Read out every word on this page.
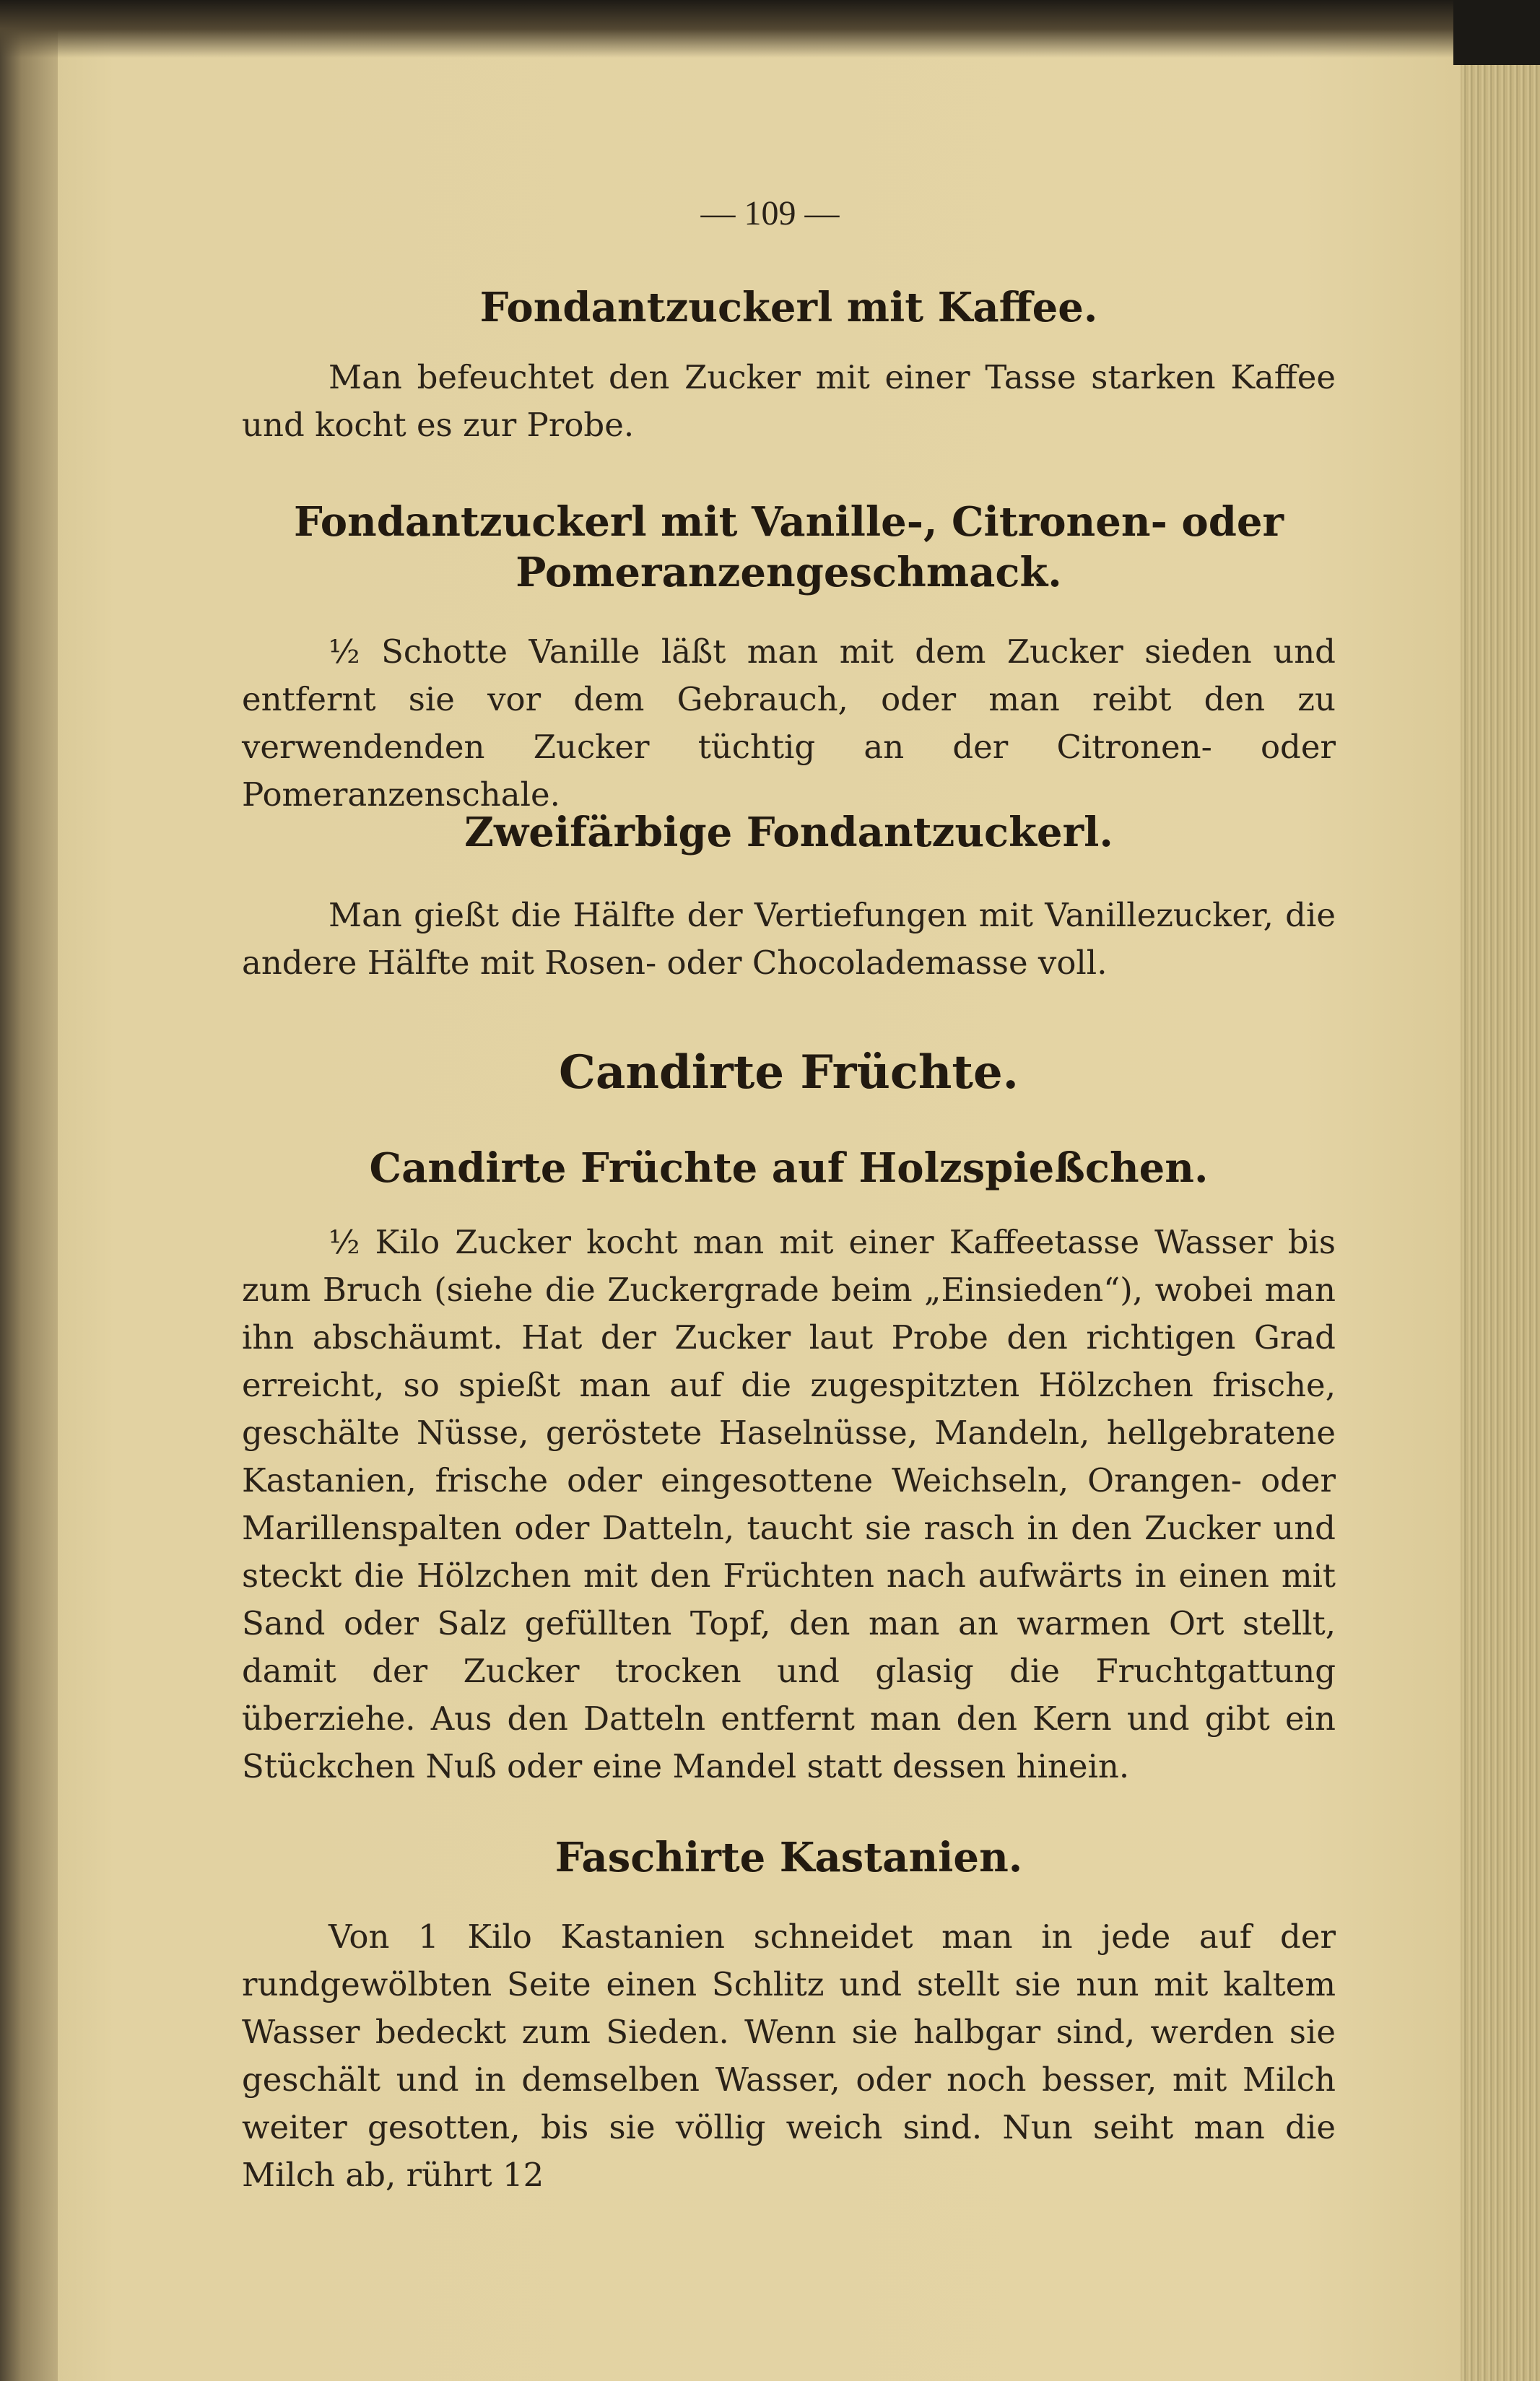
— 109 —
Fondantzuckerl mit Kaffee.

Man befeuchtet den Zucker mit einer Tasse starken Kaffee und kocht es zur Probe.

Fondantzuckerl mit Vanille-, Citronen- oder
Pomeranzengeschmack.

½ Schotte Vanille läßt man mit dem Zucker sieden und entfernt sie vor dem Gebrauch, oder man reibt den zu verwendenden Zucker tüchtig an der Citronen- oder Pomeranzenschale.

Zweifärbige Fondantzuckerl.

Man gießt die Hälfte der Vertiefungen mit Vanillezucker, die andere Hälfte mit Rosen- oder Chocolademasse voll.

Candirte Früchte.
Candirte Früchte auf Holzspießchen.

½ Kilo Zucker kocht man mit einer Kaffeetasse Wasser bis zum Bruch (siehe die Zuckergrade beim „Einsieden“), wobei man ihn abschäumt. Hat der Zucker laut Probe den richtigen Grad erreicht, so spießt man auf die zugespitzten Hölzchen frische, geschälte Nüsse, geröstete Haselnüsse, Mandeln, hellgebratene Kastanien, frische oder eingesottene Weichseln, Orangen- oder Marillenspalten oder Datteln, taucht sie rasch in den Zucker und steckt die Hölzchen mit den Früchten nach aufwärts in einen mit Sand oder Salz gefüllten Topf, den man an warmen Ort stellt, damit der Zucker trocken und glasig die Fruchtgattung überziehe. Aus den Datteln entfernt man den Kern und gibt ein Stückchen Nuß oder eine Mandel statt dessen hinein.

Faschirte Kastanien.

Von 1 Kilo Kastanien schneidet man in jede auf der rundgewölbten Seite einen Schlitz und stellt sie nun mit kaltem Wasser bedeckt zum Sieden. Wenn sie halbgar sind, werden sie geschält und in demselben Wasser, oder noch besser, mit Milch weiter gesotten, bis sie völlig weich sind. Nun seiht man die Milch ab, rührt 12
